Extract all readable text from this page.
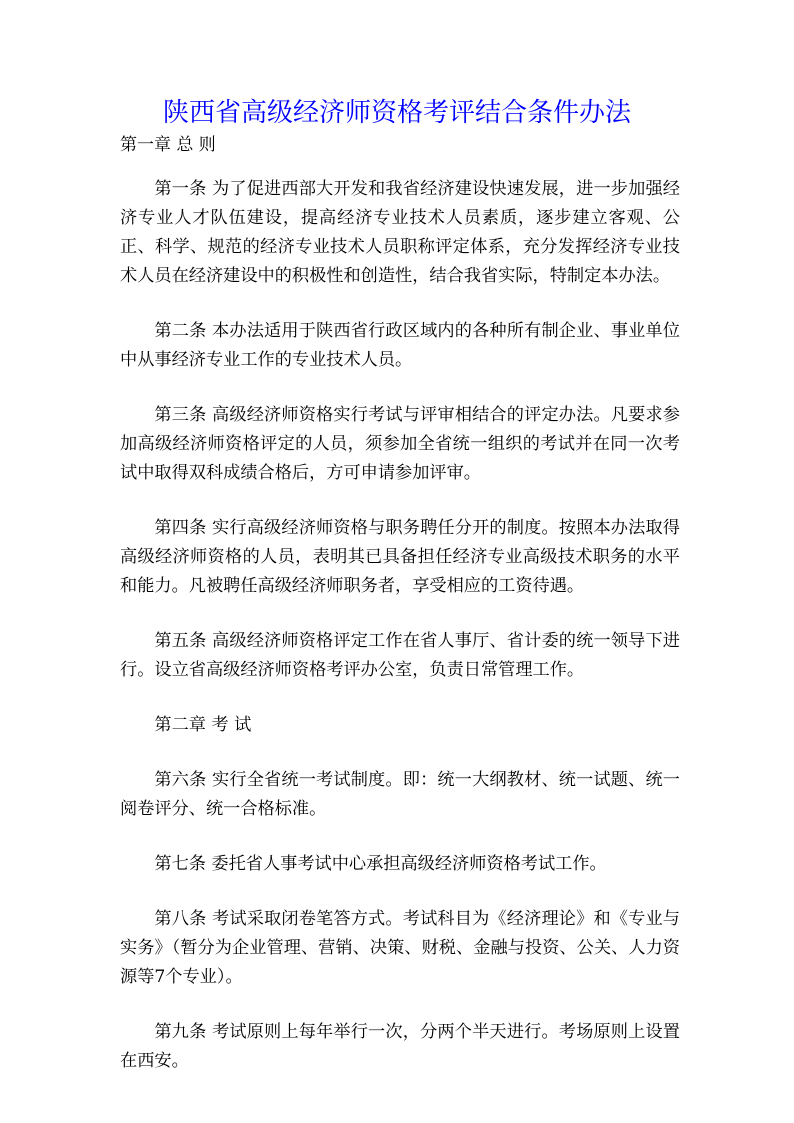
陕西省高级经济师资格考评结合条件办法
第一章 总 则

第一条 为了促进西部大开发和我省经济建设快速发展，进一步加强经济专业人才队伍建设，提高经济专业技术人员素质，逐步建立客观、公正、科学、规范的经济专业技术人员职称评定体系，充分发挥经济专业技术人员在经济建设中的积极性和创造性，结合我省实际，特制定本办法。

第二条 本办法适用于陕西省行政区域内的各种所有制企业、事业单位中从事经济专业工作的专业技术人员。

第三条 高级经济师资格实行考试与评审相结合的评定办法。凡要求参加高级经济师资格评定的人员，须参加全省统一组织的考试并在同一次考试中取得双科成绩合格后，方可申请参加评审。

第四条 实行高级经济师资格与职务聘任分开的制度。按照本办法取得高级经济师资格的人员，表明其已具备担任经济专业高级技术职务的水平和能力。凡被聘任高级经济师职务者，享受相应的工资待遇。

第五条 高级经济师资格评定工作在省人事厅、省计委的统一领导下进行。设立省高级经济师资格考评办公室，负责日常管理工作。

第二章 考 试

第六条 实行全省统一考试制度。即：统一大纲教材、统一试题、统一阅卷评分、统一合格标准。

第七条 委托省人事考试中心承担高级经济师资格考试工作。

第八条 考试采取闭卷笔答方式。考试科目为《经济理论》和《专业与实务》（暂分为企业管理、营销、决策、财税、金融与投资、公关、人力资源等7个专业）。

第九条 考试原则上每年举行一次，分两个半天进行。考场原则上设置在西安。
